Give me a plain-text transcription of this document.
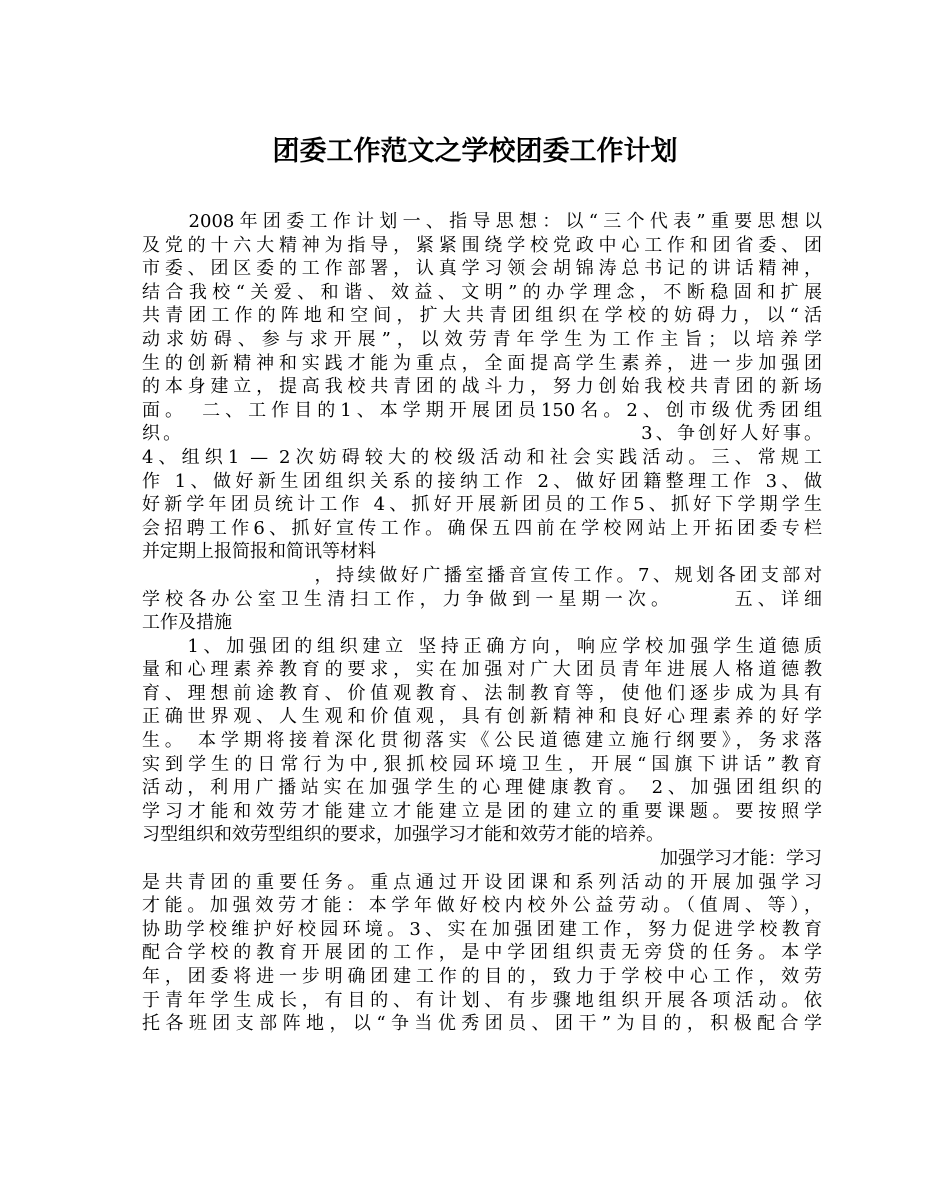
团委工作范文之学校团委工作计划
　　2008年团委工作计划一、指导思想：以“三个代表”重要思想以
及党的十六大精神为指导，紧紧围绕学校党政中心工作和团省委、团
市委、团区委的工作部署，认真学习领会胡锦涛总书记的讲话精神，
结合我校“关爱、和谐、效益、文明”的办学理念，不断稳固和扩展
共青团工作的阵地和空间，扩大共青团组织在学校的妨碍力，以“活
动求妨碍、参与求开展”，以效劳青年学生为工作主旨；以培养学
生的创新精神和实践才能为重点，全面提高学生素养，进一步加强团
的本身建立，提高我校共青团的战斗力，努力创始我校共青团的新场
面。　二、工作目的1、本学期开展团员150名。2、创市级优秀团组
织。　　　　　　　　　　　　　　　　　　　　　　3、争创好人好事。
4、组织1 — 2次妨碍较大的校级活动和社会实践活动。三、常规工
作 1、做好新生团组织关系的接纳工作 2、做好团籍整理工作 3、做
好新学年团员统计工作 4、抓好开展新团员的工作5、抓好下学期学生
会招聘工作6、抓好宣传工作。确保五四前在学校网站上开拓团委专栏
并定期上报简报和简讯等材料
　　　　　　　　，持续做好广播室播音宣传工作。7、规划各团支部对
学校各办公室卫生清扫工作，力争做到一星期一次。　　　五、详细
工作及措施
　　1、加强团的组织建立 坚持正确方向，响应学校加强学生道德质
量和心理素养教育的要求，实在加强对广大团员青年进展人格道德教
育、理想前途教育、价值观教育、法制教育等，使他们逐步成为具有
正确世界观、人生观和价值观，具有创新精神和良好心理素养的好学
生。 本学期将接着深化贯彻落实《公民道德建立施行纲要》，务求落
实到学生的日常行为中,狠抓校园环境卫生，开展“国旗下讲话”教育
活动，利用广播站实在加强学生的心理健康教育。 2、加强团组织的
学习才能和效劳才能建立才能建立是团的建立的重要课题。要按照学
习型组织和效劳型组织的要求，加强学习才能和效劳才能的培养。
加强学习才能：学习
是共青团的重要任务。重点通过开设团课和系列活动的开展加强学习
才能。加强效劳才能：本学年做好校内校外公益劳动。（值周、等），
协助学校维护好校园环境。3、实在加强团建工作，努力促进学校教育
配合学校的教育开展团的工作，是中学团组织责无旁贷的任务。本学
年，团委将进一步明确团建工作的目的，致力于学校中心工作，效劳
于青年学生成长，有目的、有计划、有步骤地组织开展各项活动。依
托各班团支部阵地，以“争当优秀团员、团干”为目的，积极配合学
